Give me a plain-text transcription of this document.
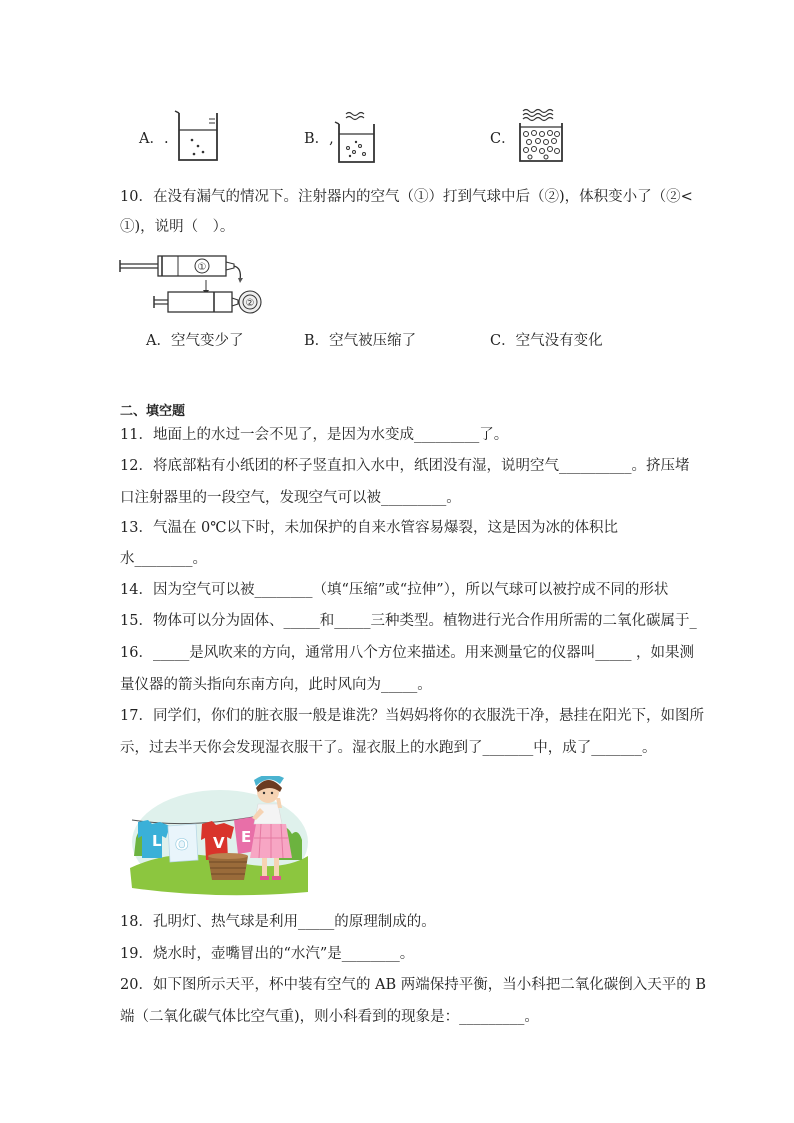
A．.	B．,	C．
10．在没有漏气的情况下。注射器内的空气（①）打到气球中后（②)，体积变小了（②<
①)，说明（　）。
①
②
A．空气变少了	B．空气被压缩了	C．空气没有变化
二、填空题
11．地面上的水过一会不见了，是因为水变成_________了。
12．将底部粘有小纸团的杯子竖直扣入水中，纸团没有湿，说明空气__________。挤压堵
口注射器里的一段空气，发现空气可以被_________。
13．气温在 0℃以下时，未加保护的自来水管容易爆裂，这是因为冰的体积比
水________。
14．因为空气可以被________（填“压缩”或“拉伸”），所以气球可以被拧成不同的形状
15．物体可以分为固体、_____和_____三种类型。植物进行光合作用所需的二氧化碳属于_
16．_____是风吹来的方向，通常用八个方位来描述。用来测量它的仪器叫_____ ，如果测
量仪器的箭头指向东南方向，此时风向为_____。
17．同学们，你们的脏衣服一般是谁洗？当妈妈将你的衣服洗干净，悬挂在阳光下，如图所
示，过去半天你会发现湿衣服干了。湿衣服上的水跑到了_______中，成了_______。
L O V E
18．孔明灯、热气球是利用_____的原理制成的。
19．烧水时，壶嘴冒出的“水汽”是________。
20．如下图所示天平，杯中装有空气的 AB 两端保持平衡，当小科把二氧化碳倒入天平的 B
端（二氧化碳气体比空气重)，则小科看到的现象是：_________。
